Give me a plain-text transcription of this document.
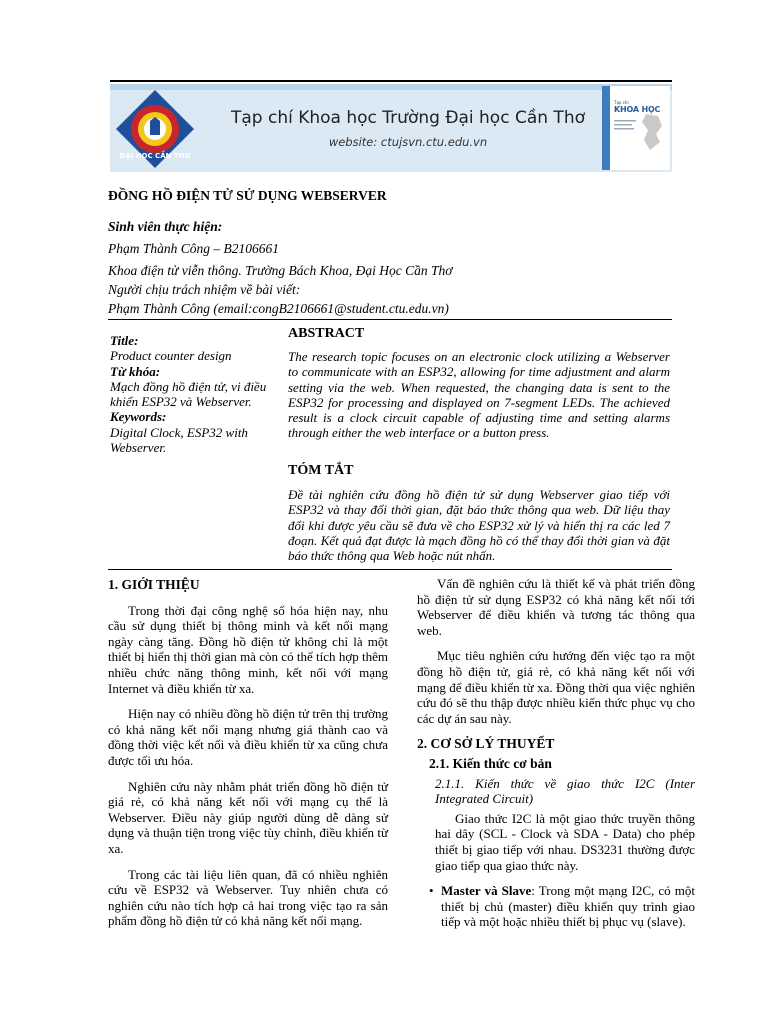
ĐẠI HỌC CẦN THƠ
Tạp chí Khoa học Trường Đại học Cần Thơ
website: ctujsvn.ctu.edu.vn
Tạp chí
KHOA HỌC
ĐỒNG HỒ ĐIỆN TỬ SỬ DỤNG WEBSERVER
Sinh viên thực hiện:
Phạm Thành Công – B2106661
Khoa điện tử viễn thông. Trường Bách Khoa, Đại Học Cần Thơ
Người chịu trách nhiệm về bài viết:
Phạm Thành Công (email:congB2106661@student.ctu.edu.vn)
Title:
Product counter design
Từ khóa:
Mạch đồng hồ điện tử, vi điều khiển ESP32 và Webserver.
Keywords:
Digital Clock, ESP32 with Webserver.
ABSTRACT
The research topic focuses on an electronic clock utilizing a Webserver to communicate with an ESP32, allowing for time adjustment and alarm setting via the web. When requested, the changing data is sent to the ESP32 for processing and displayed on 7-segment LEDs. The achieved result is a clock circuit capable of adjusting time and setting alarms through either the web interface or a button press.
TÓM TẮT
Đề tài nghiên cứu đồng hồ điện tử sử dụng Webserver giao tiếp với ESP32 và thay đổi thời gian, đặt báo thức thông qua web. Dữ liệu thay đổi khi được yêu cầu sẽ đưa về cho ESP32 xử lý và hiển thị ra các led 7 đoạn. Kết quả đạt được là mạch đồng hồ có thể thay đổi thời gian và đặt báo thức thông qua Web hoặc nút nhấn.
1. GIỚI THIỆU

Trong thời đại công nghệ số hóa hiện nay, nhu cầu sử dụng thiết bị thông minh và kết nối mạng ngày càng tăng. Đồng hồ điện tử không chỉ là một thiết bị hiển thị thời gian mà còn có thể tích hợp thêm nhiều chức năng thông minh, kết nối với mạng Internet và điều khiển từ xa.

Hiện nay có nhiều đồng hồ điện tử trên thị trường có khả năng kết nối mạng nhưng giá thành cao và đồng thời việc kết nối và điều khiển từ xa cũng chưa được tối ưu hóa.

Nghiên cứu này nhằm phát triển đồng hồ điện tử giá rẻ, có khả năng kết nối với mạng cụ thể là Webserver. Điều này giúp người dùng dễ dàng sử dụng và thuận tiện trong việc tùy chỉnh, điều khiển từ xa.

Trong các tài liệu liên quan, đã có nhiều nghiên cứu về ESP32 và Webserver. Tuy nhiên chưa có nghiên cứu nào tích hợp cả hai trong việc tạo ra sản phẩm đồng hồ điện tử có khả năng kết nối mạng.

Vấn đề nghiên cứu là thiết kế và phát triển đồng hồ điện tử sử dụng ESP32 có khả năng kết nối tới Webserver để điều khiển và tương tác thông qua web.

Mục tiêu nghiên cứu hướng đến việc tạo ra một đồng hồ điện tử, giá rẻ, có khả năng kết nối với mạng để điều khiển từ xa. Đồng thời qua việc nghiên cứu đó sẽ thu thập được nhiều kiến thức phục vụ cho các dự án sau này.

2. CƠ SỞ LÝ THUYẾT
2.1. Kiến thức cơ bản
2.1.1. Kiến thức về giao thức I2C (Inter Integrated Circuit)

Giao thức I2C là một giao thức truyền thông hai dây (SCL - Clock và SDA - Data) cho phép thiết bị giao tiếp với nhau. DS3231 thường được giao tiếp qua giao thức này.

• Master và Slave: Trong một mạng I2C, có một thiết bị chủ (master) điều khiển quy trình giao tiếp và một hoặc nhiều thiết bị phục vụ (slave).
